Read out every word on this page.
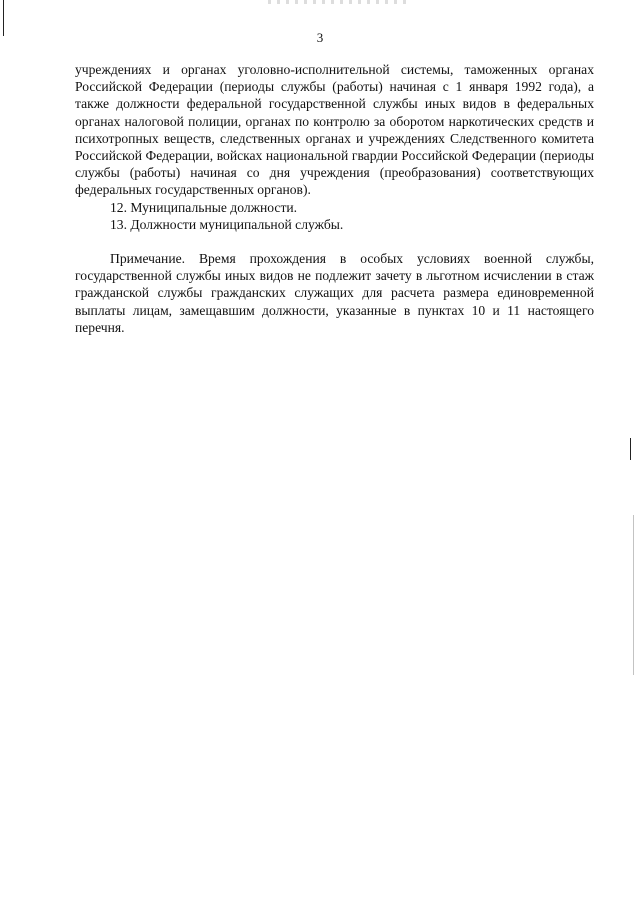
3

учреждениях и органах уголовно-исполнительной системы, таможенных органах Российской Федерации (периоды службы (работы) начиная с 1 января 1992 года), а также должности федеральной государственной службы иных видов в федеральных органах налоговой полиции, органах по контролю за оборотом наркотических средств и психотропных веществ, следственных органах и учреждениях Следственного комитета Российской Федерации, войсках национальной гвардии Российской Федерации (периоды службы (работы) начиная со дня учреждения (преобразования) соответствующих федеральных государственных органов).

12. Муниципальные должности.

13. Должности муниципальной службы.

Примечание. Время прохождения в особых условиях военной службы, государственной службы иных видов не подлежит зачету в льготном исчислении в стаж гражданской службы гражданских служащих для расчета размера единовременной выплаты лицам, замещавшим должности, указанные в пунктах 10 и 11 настоящего перечня.
